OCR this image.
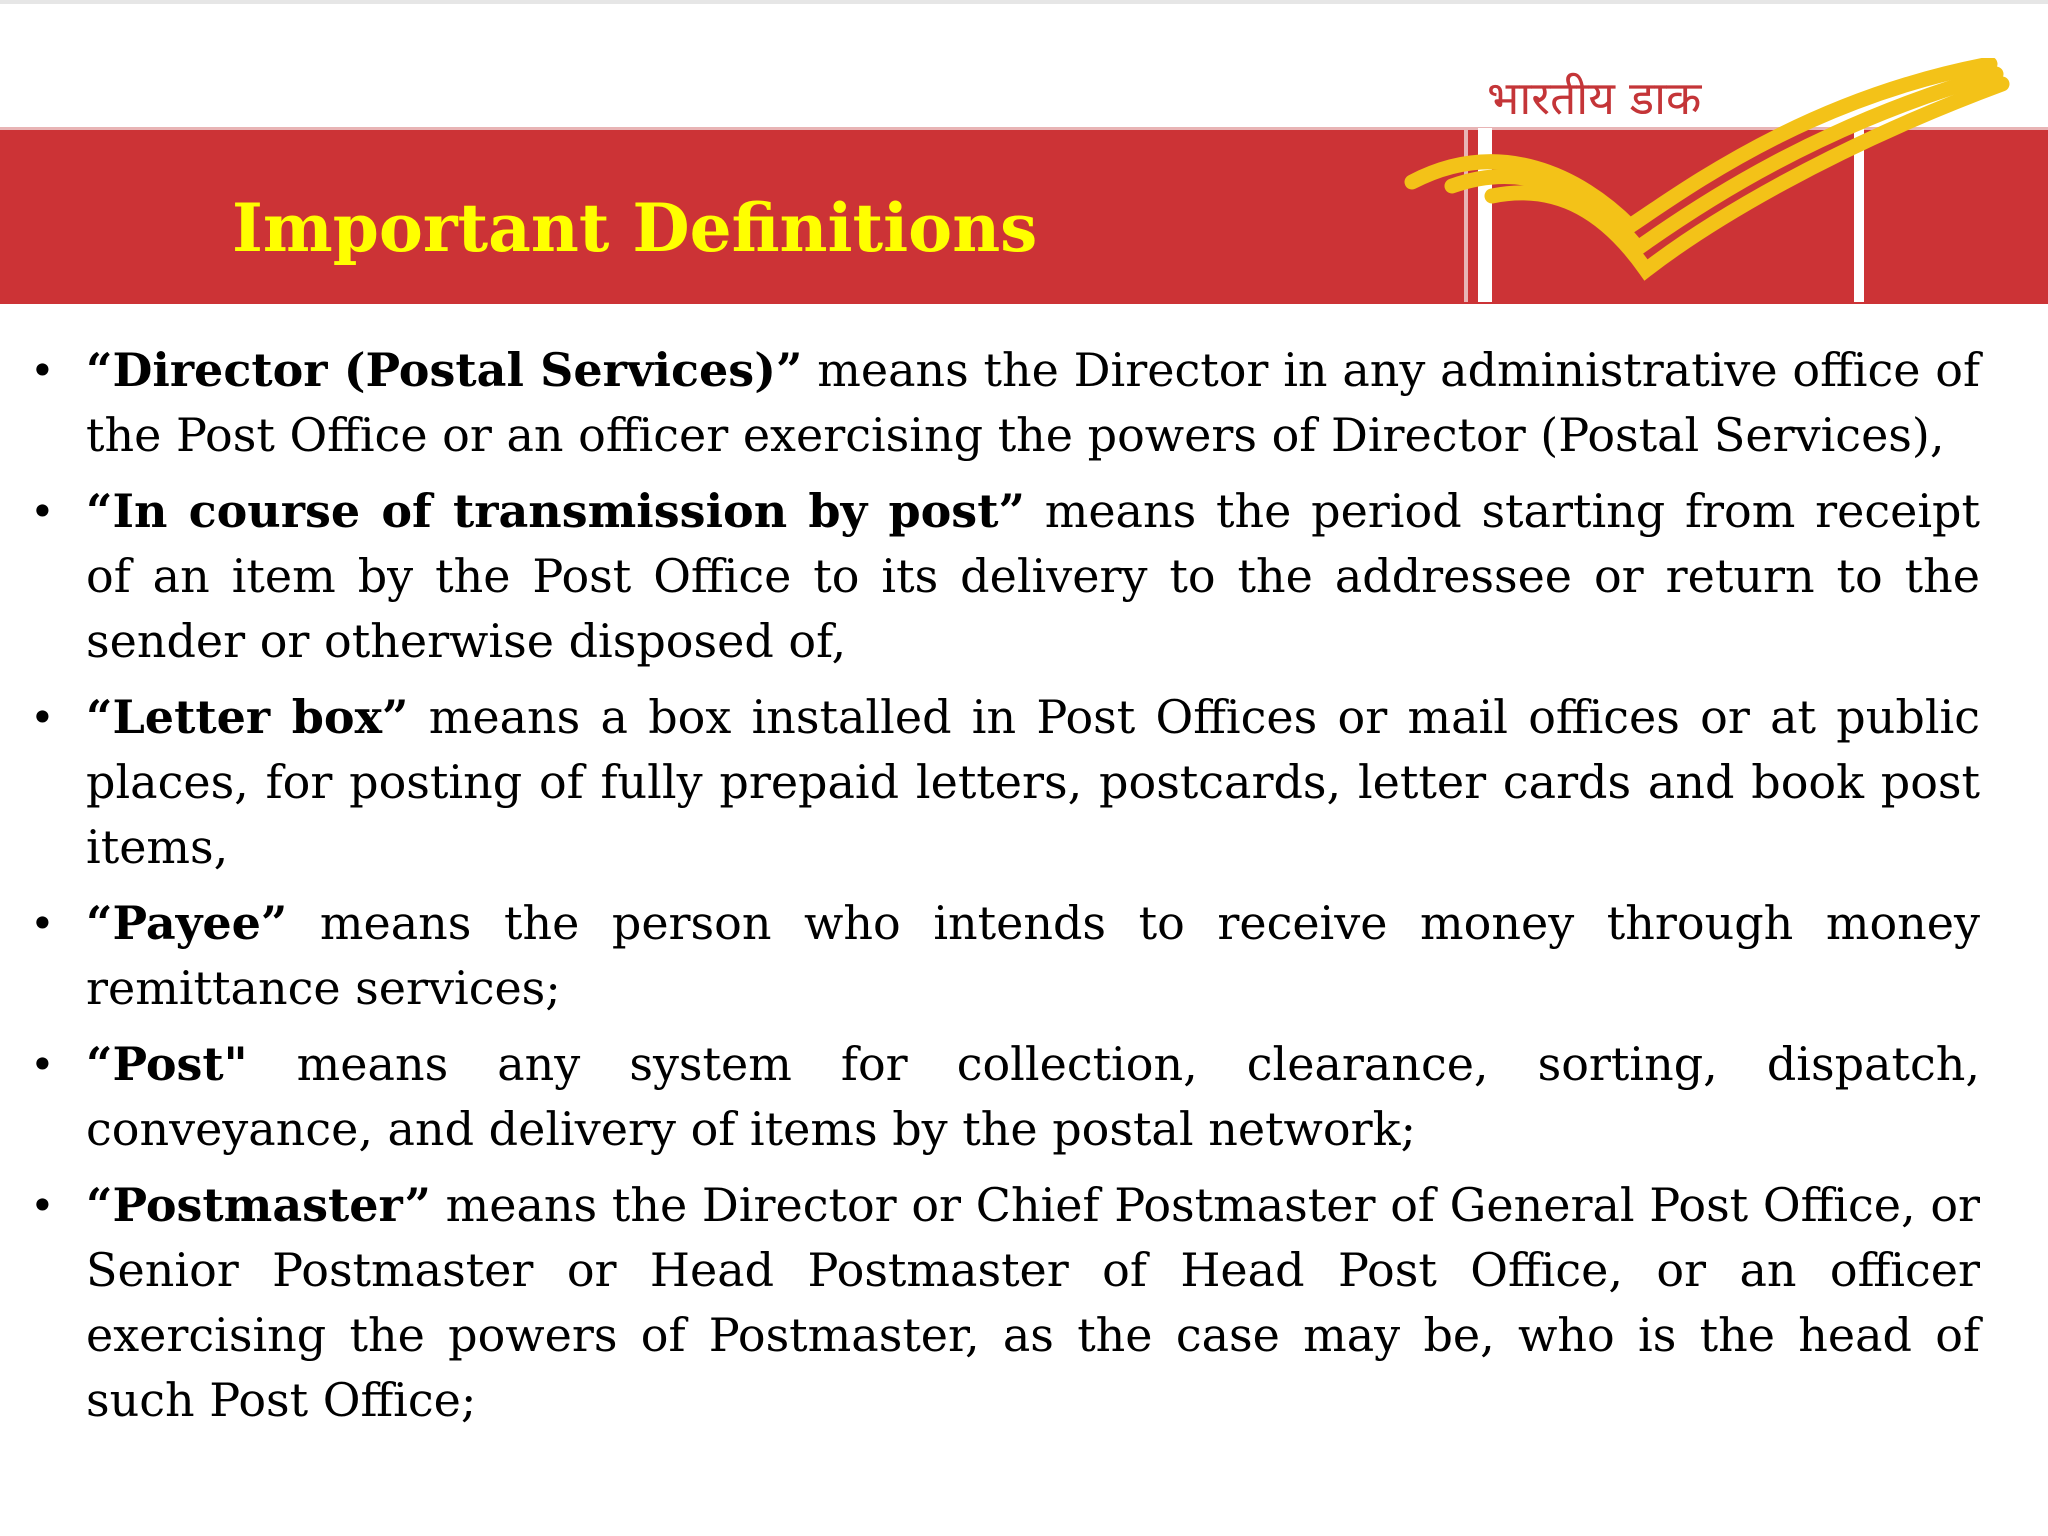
Important Definitions
भारतीय डाक
• “Director (Postal Services)” means the Director in any administrative office of the Post Office or an officer exercising the powers of Director (Postal Services),
• “In course of transmission by post” means the period starting from receipt of an item by the Post Office to its delivery to the addressee or return to the sender or otherwise disposed of,
• “Letter box” means a box installed in Post Offices or mail offices or at public places, for posting of fully prepaid letters, postcards, letter cards and book post items,
• “Payee” means the person who intends to receive money through money remittance services;
• “Post" means any system for collection, clearance, sorting, dispatch, conveyance, and delivery of items by the postal network;
• “Postmaster” means the Director or Chief Postmaster of General Post Office, or Senior Postmaster or Head Postmaster of Head Post Office, or an officer exercising the powers of Postmaster, as the case may be, who is the head of such Post Office;
